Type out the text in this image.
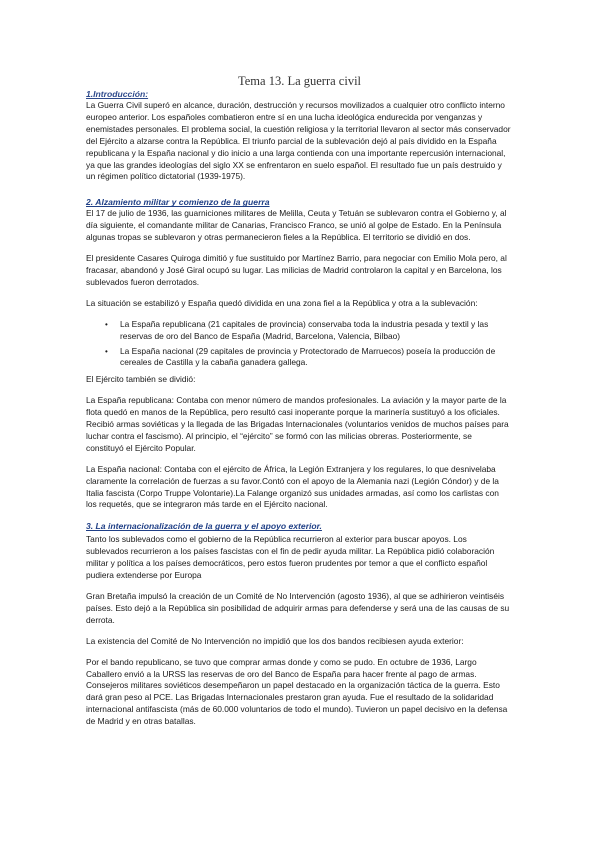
Tema 13. La guerra civil
1.Introducción:

La Guerra Civil superó en alcance, duración, destrucción y recursos movilizados a cualquier otro conflicto interno europeo anterior. Los españoles combatieron entre sí en una lucha ideológica endurecida por venganzas y enemistades personales. El problema social, la cuestión religiosa y la territorial llevaron al sector más conservador del Ejército a alzarse contra la República. El triunfo parcial de la sublevación dejó al país dividido en la España republicana y la España nacional y dio inicio a una larga contienda con una importante repercusión internacional, ya que las grandes ideologías del siglo XX se enfrentaron en suelo español. El resultado fue un país destruido y un régimen político dictatorial (1939-1975).

2. Alzamiento militar y comienzo de la guerra

El 17 de julio de 1936, las guarniciones militares de Melilla, Ceuta y Tetuán se sublevaron contra el Gobierno y, al día siguiente, el comandante militar de Canarias, Francisco Franco, se unió al golpe de Estado. En la Península algunas tropas se sublevaron y otras permanecieron fieles a la República. El territorio se dividió en dos.

El presidente Casares Quiroga dimitió y fue sustituido por Martínez Barrio, para negociar con Emilio Mola pero, al fracasar, abandonó y José Giral ocupó su lugar. Las milicias de Madrid controlaron la capital y en Barcelona, los sublevados fueron derrotados.

La situación se estabilizó y España quedó dividida en una zona fiel a la República y otra a la sublevación:

• La España republicana (21 capitales de provincia) conservaba toda la industria pesada y textil y las reservas de oro del Banco de España (Madrid, Barcelona, Valencia, Bilbao)
• La España nacional (29 capitales de provincia y Protectorado de Marruecos) poseía la producción de cereales de Castilla y la cabaña ganadera gallega.

El Ejército también se dividió:

La España republicana: Contaba con menor número de mandos profesionales. La aviación y la mayor parte de la flota quedó en manos de la República, pero resultó casi inoperante porque la marinería sustituyó a los oficiales. Recibió armas soviéticas y la llegada de las Brigadas Internacionales (voluntarios venidos de muchos países para luchar contra el fascismo). Al principio, el “ejército” se formó con las milicias obreras. Posteriormente, se constituyó el Ejército Popular.

La España nacional: Contaba con el ejército de África, la Legión Extranjera y los regulares, lo que desnivelaba claramente la correlación de fuerzas a su favor.Contó con el apoyo de la Alemania nazi (Legión Cóndor) y de la Italia fascista (Corpo Truppe Volontarie).La Falange organizó sus unidades armadas, así como los carlistas con los requetés, que se integraron más tarde en el Ejército nacional.

3. La internacionalización de la guerra y el apoyo exterior.

Tanto los sublevados como el gobierno de la República recurrieron al exterior para buscar apoyos. Los sublevados recurrieron a los países fascistas con el fin de pedir ayuda militar. La República pidió colaboración militar y política a los países democráticos, pero estos fueron prudentes por temor a que el conflicto español pudiera extenderse por Europa

Gran Bretaña impulsó la creación de un Comité de No Intervención (agosto 1936), al que se adhirieron veintiséis países. Esto dejó a la República sin posibilidad de adquirir armas para defenderse y será una de las causas de su derrota.

La existencia del Comité de No Intervención no impidió que los dos bandos recibiesen ayuda exterior:

Por el bando republicano, se tuvo que comprar armas donde y como se pudo. En octubre de 1936, Largo Caballero envió a la URSS las reservas de oro del Banco de España para hacer frente al pago de armas. Consejeros militares soviéticos desempeñaron un papel destacado en la organización táctica de la guerra. Esto dará gran peso al PCE. Las Brigadas Internacionales prestaron gran ayuda. Fue el resultado de la solidaridad internacional antifascista (más de 60.000 voluntarios de todo el mundo). Tuvieron un papel decisivo en la defensa de Madrid y en otras batallas.
